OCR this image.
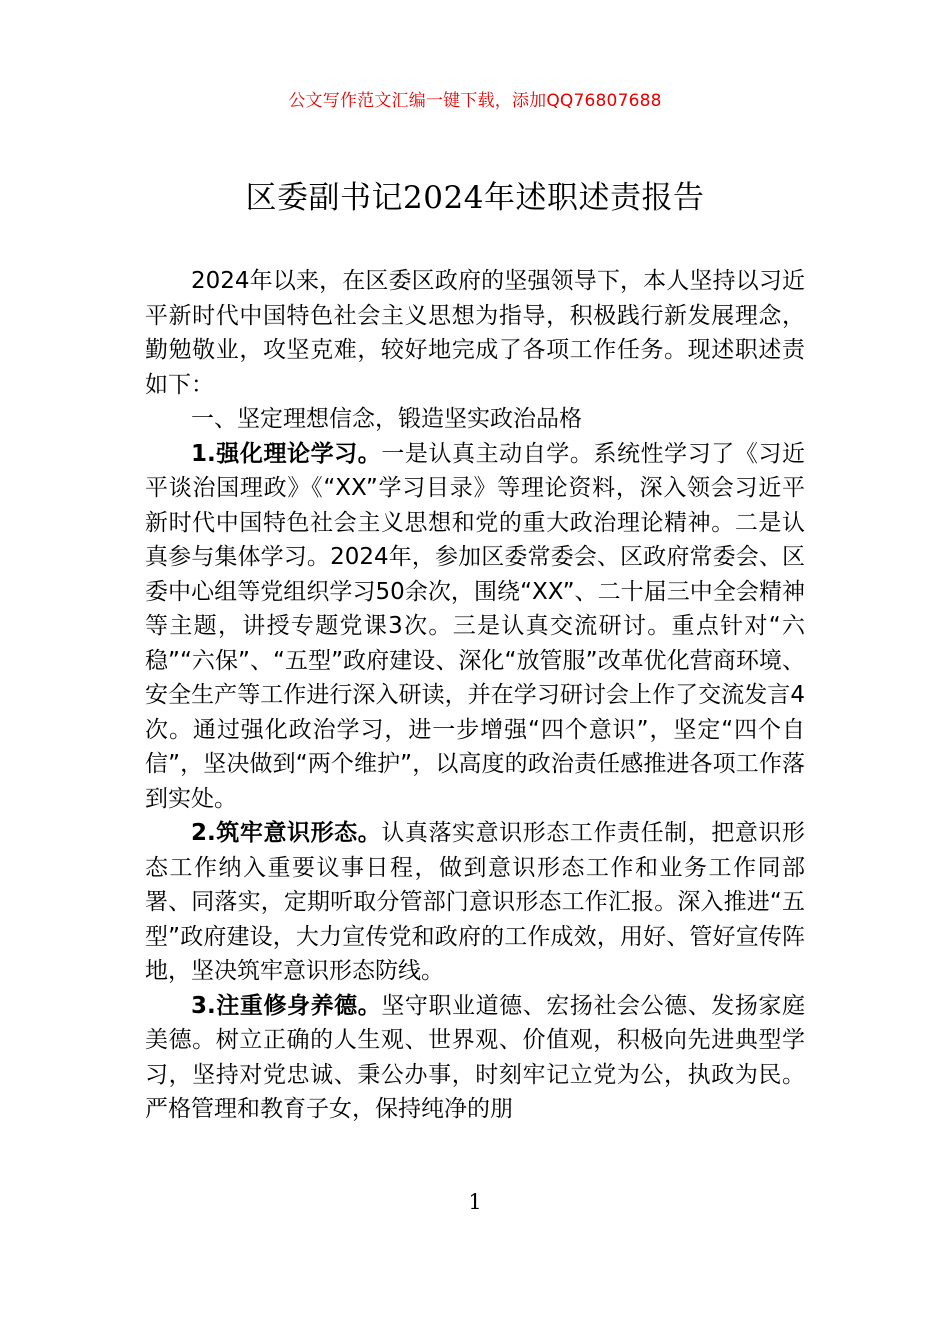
公文写作范文汇编一键下载，添加QQ76807688
区委副书记2024年述职述责报告

2024年以来，在区委区政府的坚强领导下，本人坚持以习近平新时代中国特色社会主义思想为指导，积极践行新发展理念，勤勉敬业，攻坚克难，较好地完成了各项工作任务。现述职述责如下：

一、坚定理想信念，锻造坚实政治品格

1.强化理论学习。一是认真主动自学。系统性学习了《习近平谈治国理政》《“XX”学习目录》等理论资料，深入领会习近平新时代中国特色社会主义思想和党的重大政治理论精神。二是认真参与集体学习。2024年，参加区委常委会、区政府常委会、区委中心组等党组织学习50余次，围绕“XX”、二十届三中全会精神等主题，讲授专题党课3次。三是认真交流研讨。重点针对“六稳”“六保”、“五型”政府建设、深化“放管服”改革优化营商环境、安全生产等工作进行深入研读，并在学习研讨会上作了交流发言4次。通过强化政治学习，进一步增强“四个意识”，坚定“四个自信”，坚决做到“两个维护”，以高度的政治责任感推进各项工作落到实处。

2.筑牢意识形态。认真落实意识形态工作责任制，把意识形态工作纳入重要议事日程，做到意识形态工作和业务工作同部署、同落实，定期听取分管部门意识形态工作汇报。深入推进“五型”政府建设，大力宣传党和政府的工作成效，用好、管好宣传阵地，坚决筑牢意识形态防线。

3.注重修身养德。坚守职业道德、宏扬社会公德、发扬家庭美德。树立正确的人生观、世界观、价值观，积极向先进典型学习，坚持对党忠诚、秉公办事，时刻牢记立党为公，执政为民。严格管理和教育子女，保持纯净的朋

1
